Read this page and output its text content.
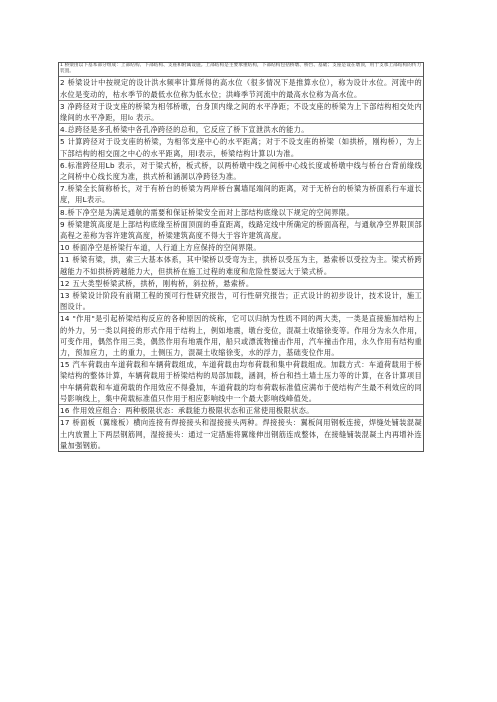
1 桥梁由以下基本部分组成：上部结构、下部结构、支座和附属设施。上部结构是主要承重结构，下部结构包括桥墩、桥台、基础；支座是设在墩顶，用于支承上部结构的传力装置。
2 桥梁设计中按规定的设计洪水频率计算所得的高水位（很多情况下是推算水位），称为设计水位。河流中的水位是变动的，枯水季节的最低水位称为低水位；洪峰季节河流中的最高水位称为高水位。
3 净跨径对于设支座的桥梁为相邻桥墩，台身顶内缘之间的水平净距；不设支座的桥梁为上下部结构相交处内缘间的水平净距，用l₀ 表示。
4.总跨径是多孔桥梁中各孔净跨径的总和，它反应了桥下宣泄洪水的能力。
5 计算跨径对于设支座的桥梁，为相邻支座中心的水平距离；对于不设支座的桥梁（如拱桥，刚构桥），为上下部结构的相交面之中心的水平距离，用l表示，桥梁结构计算以l为准。
6.标准跨径用Lb 表示，对于梁式桥，板式桥，以两桥墩中线之间桥中心线长度或桥墩中线与桥台台背前缘线之间桥中心线长度为准，拱式桥和涵洞以净跨径为准。
7.桥梁全长简称桥长，对于有桥台的桥梁为两岸桥台翼墙尾端间的距离，对于无桥台的桥梁为桥面系行车道长度，用L表示。
8.桥下净空是为满足通航的需要和保证桥梁安全而对上部结构底缘以下规定的空间界限。
9 桥梁建筑高度是上部结构底缘至桥面顶面的垂直距离，线路定线中所确定的桥面高程，与通航净空界限顶部高程之差称为容许建筑高度，桥梁建筑高度不得大于容许建筑高度。
10 桥面净空是桥梁行车道，人行道上方应保持的空间界限。
11 桥梁有梁，拱，索三大基本体系，其中梁桥以受弯为主，拱桥以受压为主，悬索桥以受拉为主。梁式桥跨越能力不如拱桥跨越能力大，但拱桥在施工过程的难度和危险性要远大于梁式桥。
12 五大类型桥梁武桥，拱桥，刚构桥，斜拉桥，悬索桥。
13 桥梁设计阶段有前期工程的预可行性研究报告，可行性研究报告；正式设计的初步设计，技术设计，施工图设计。
14 "作用"是引起桥梁结构反应的各种原因的统称，它可以归纳为性质不同的两大类，一类是直接施加结构上的外力，另一类以间接的形式作用于结构上，例如地震，墩台变位，混凝土收缩徐变等。作用分为永久作用，可变作用，偶然作用三类，偶然作用有地震作用，船只或漂流物撞击作用，汽车撞击作用，永久作用有结构重力，预加应力，土的重力，土侧压力，混凝土收缩徐变，水的浮力，基础变位作用。
15 汽车荷载由车道荷载和车辆荷载组成，车道荷载由均布荷载和集中荷载组成。加载方式：车道荷载用于桥梁结构的整体计算，车辆荷载用于桥梁结构的局部加载，涵洞，桥台和挡土墙土压力等的计算，在各计算项目中车辆荷载和车道荷载的作用效应不得叠加，车道荷载的均布荷载标准值应满布于使结构产生最不利效应的同号影响线上，集中荷载标准值只作用于相应影响线中一个最大影响线峰值处。
16 作用效应组合：两种极限状态：承载能力极限状态和正常使用极限状态。
17 桥面板（翼缘板）横向连接有焊接接头和湿接接头两种。焊接接头：翼板间用钢板连接，焊缝处铺装混凝土内放置上下两层钢筋网，湿接接头：通过一定措施将翼缘伸出钢筋连成整体，在接缝铺装混凝土内再增补连量加强钢筋。
